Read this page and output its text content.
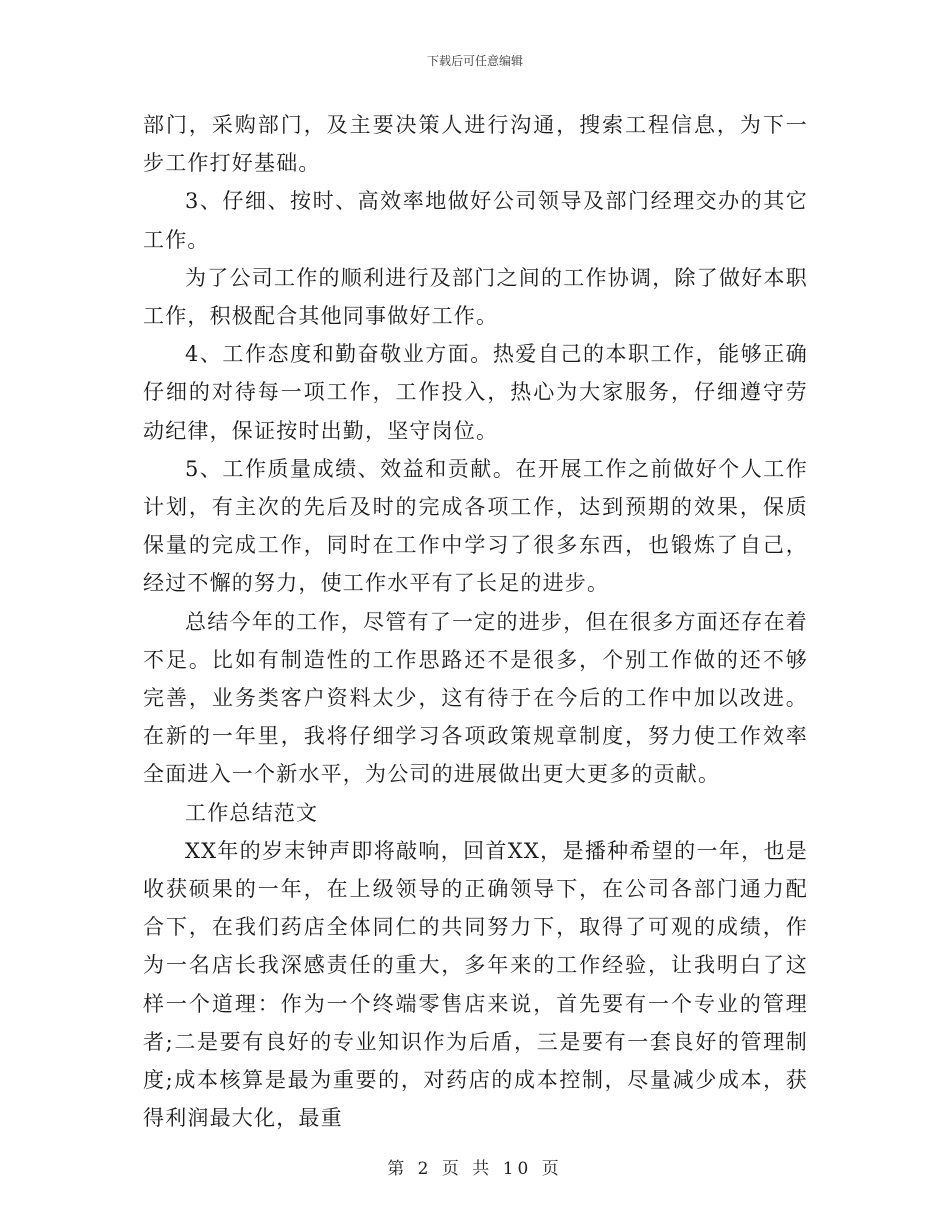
下载后可任意编辑

部门，采购部门，及主要决策人进行沟通，搜索工程信息，为下一步工作打好基础。

3、仔细、按时、高效率地做好公司领导及部门经理交办的其它工作。

为了公司工作的顺利进行及部门之间的工作协调，除了做好本职工作，积极配合其他同事做好工作。

4、工作态度和勤奋敬业方面。热爱自己的本职工作，能够正确仔细的对待每一项工作，工作投入，热心为大家服务，仔细遵守劳动纪律，保证按时出勤，坚守岗位。

5、工作质量成绩、效益和贡献。在开展工作之前做好个人工作计划，有主次的先后及时的完成各项工作，达到预期的效果，保质保量的完成工作，同时在工作中学习了很多东西，也锻炼了自己，经过不懈的努力，使工作水平有了长足的进步。

总结今年的工作，尽管有了一定的进步，但在很多方面还存在着不足。比如有制造性的工作思路还不是很多，个别工作做的还不够完善，业务类客户资料太少，这有待于在今后的工作中加以改进。在新的一年里，我将仔细学习各项政策规章制度，努力使工作效率全面进入一个新水平，为公司的进展做出更大更多的贡献。

工作总结范文

XX年的岁末钟声即将敲响，回首XX，是播种希望的一年，也是收获硕果的一年，在上级领导的正确领导下，在公司各部门通力配合下，在我们药店全体同仁的共同努力下，取得了可观的成绩，作为一名店长我深感责任的重大，多年来的工作经验，让我明白了这样一个道理：作为一个终端零售店来说，首先要有一个专业的管理者;二是要有良好的专业知识作为后盾，三是要有一套良好的管理制度;成本核算是最为重要的，对药店的成本控制，尽量减少成本，获得利润最大化，最重

第 2 页 共 10 页
